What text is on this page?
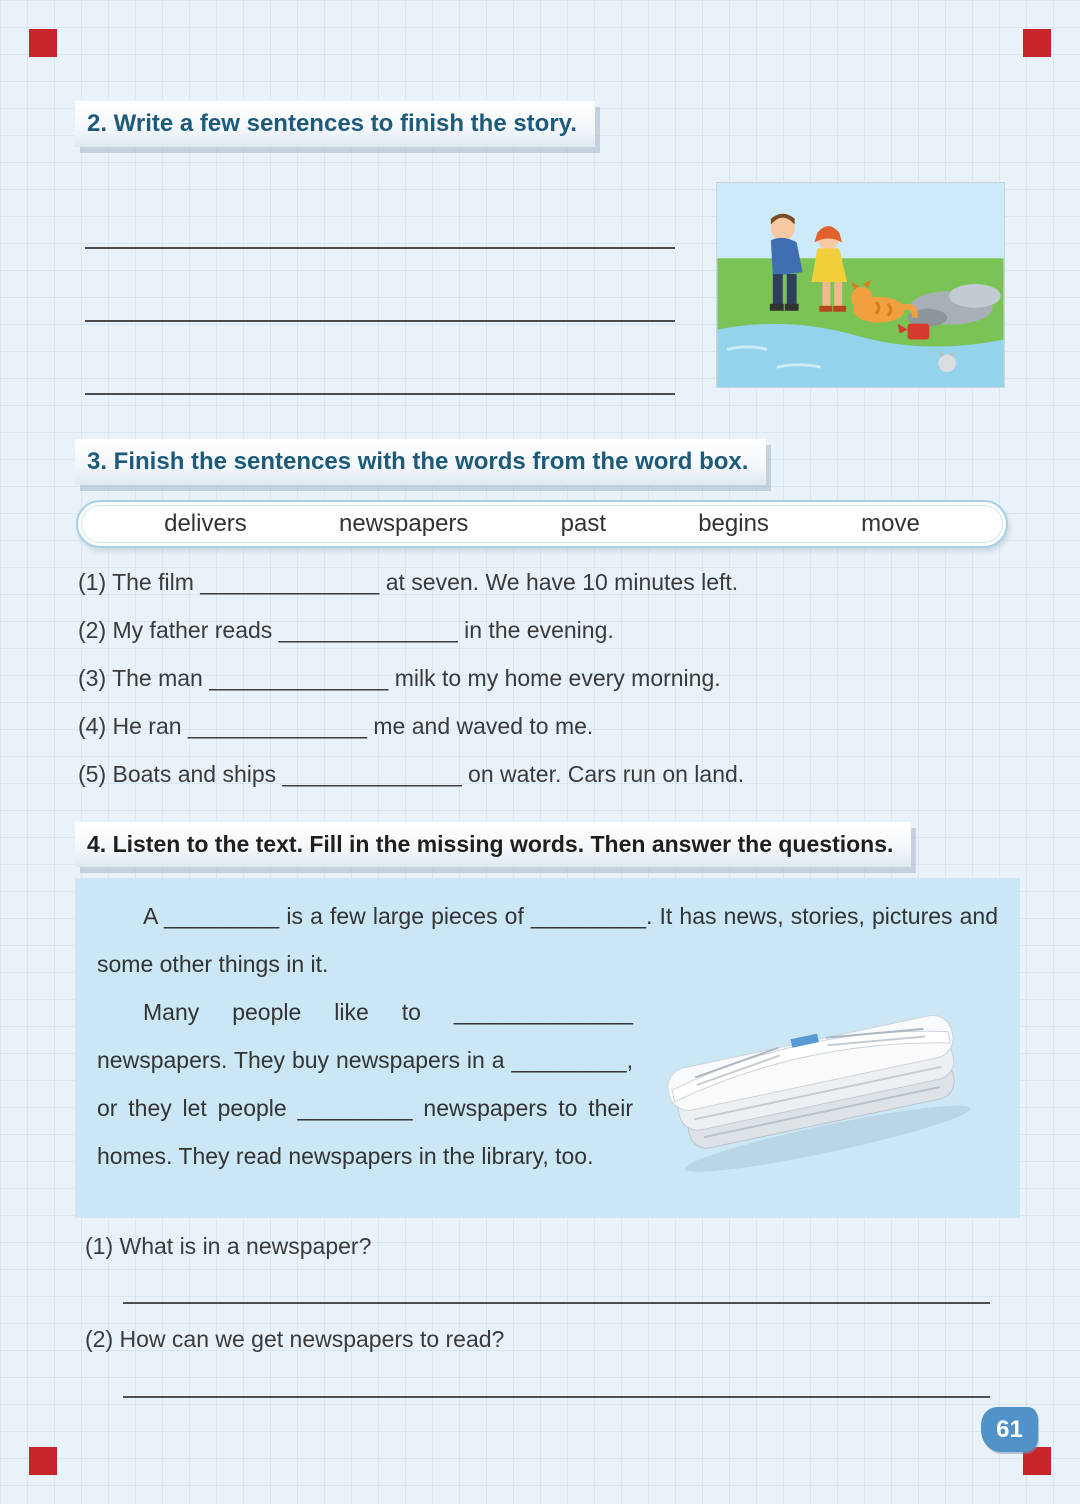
2. Write a few sentences to finish the story.
3. Finish the sentences with the words from the word box.
delivers	newspapers	past	begins	move

(1) The film ______________ at seven. We have 10 minutes left.

(2) My father reads ______________ in the evening.

(3) The man ______________ milk to my home every morning.

(4) He ran ______________ me and waved to me.

(5) Boats and ships ______________ on water. Cars run on land.

4. Listen to the text. Fill in the missing words. Then answer the questions.

A _________ is a few large pieces of _________. It has news, stories, pictures and some other things in it.

Many people like to ______________ newspapers. They buy newspapers in a _________, or they let people _________ newspapers to their homes. They read newspapers in the library, too.

(1) What is in a newspaper?

(2) How can we get newspapers to read?

61
